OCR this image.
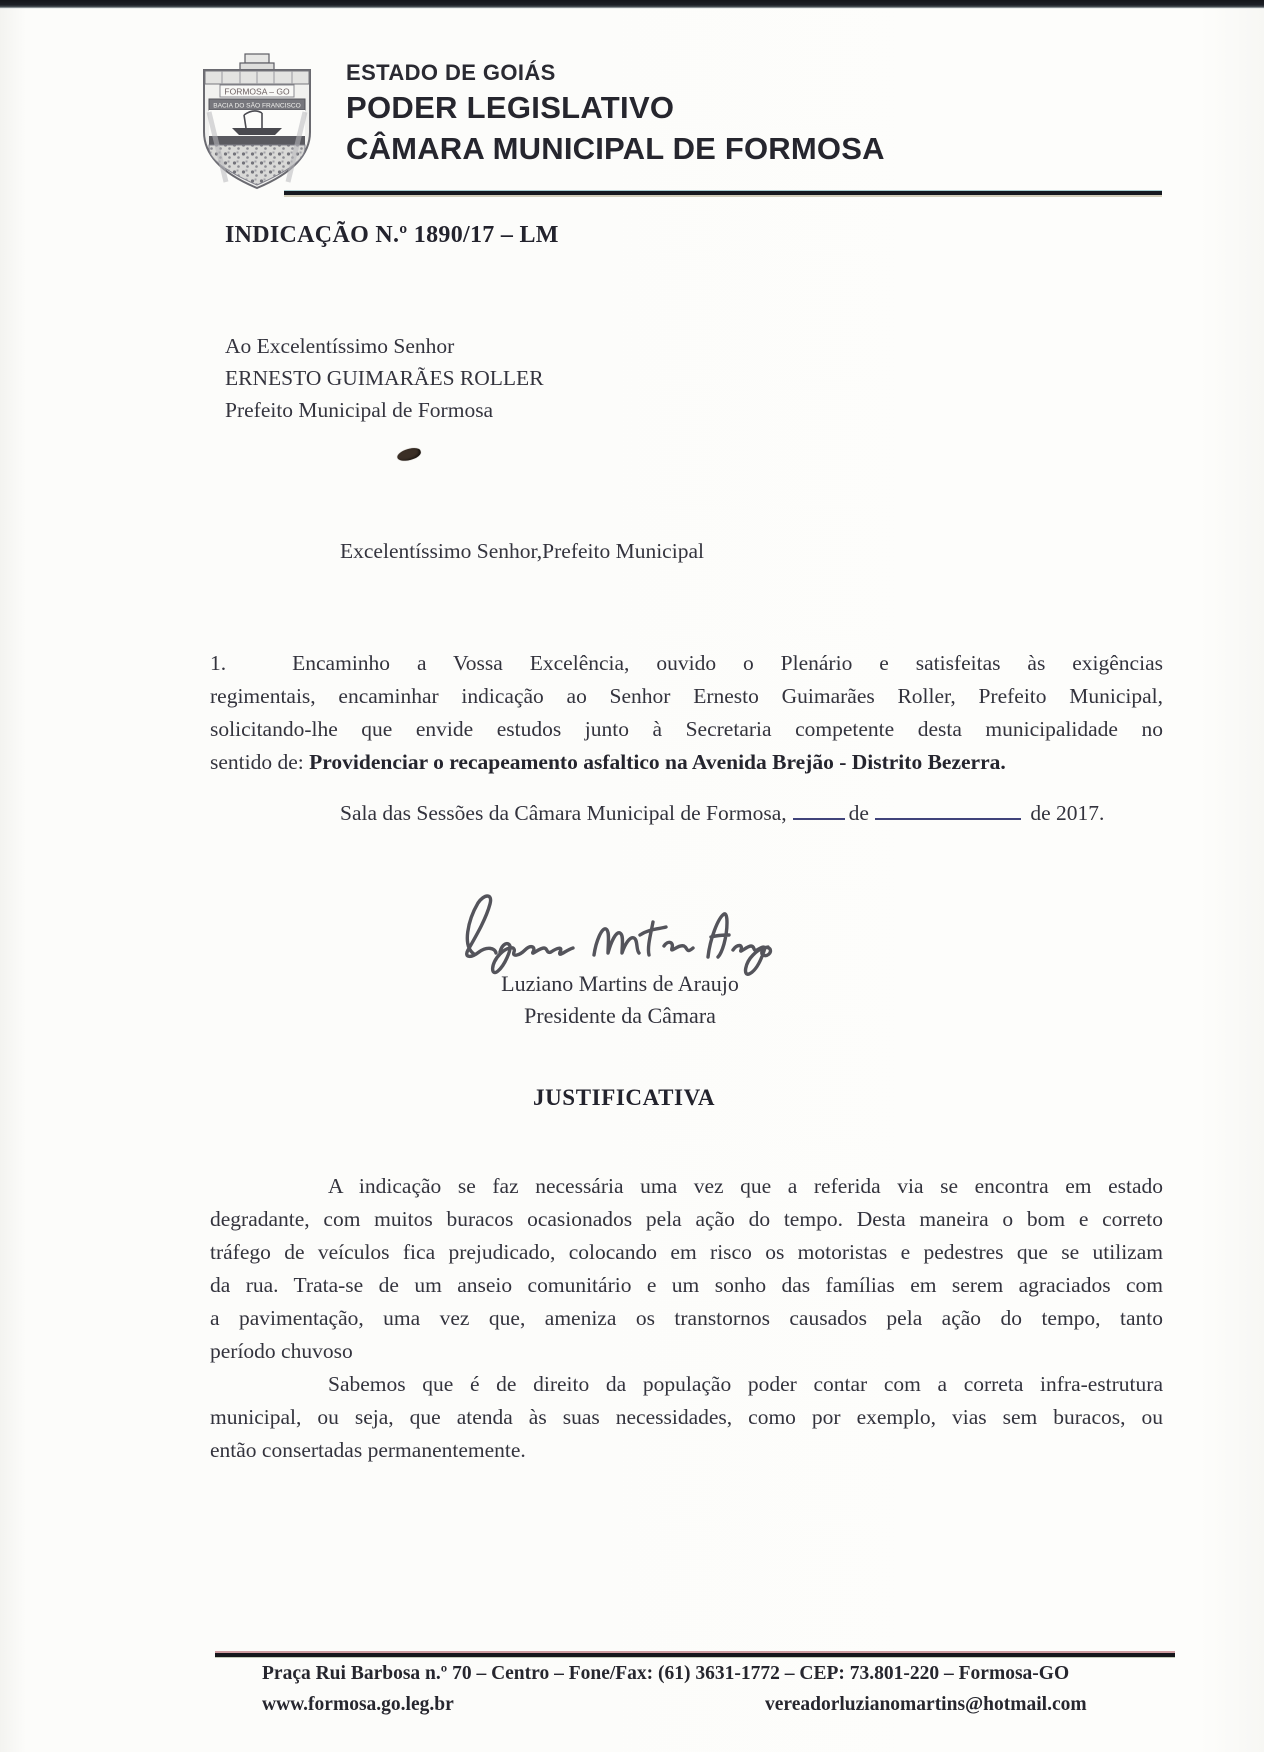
FORMOSA – GO
BACIA DO SÃO FRANCISCO
ESTADO DE GOIÁS
PODER LEGISLATIVO
CÂMARA MUNICIPAL DE FORMOSA
INDICAÇÃO N.º 1890/17 – LM
Ao Excelentíssimo Senhor
ERNESTO GUIMARÃES ROLLER
Prefeito Municipal de Formosa
Excelentíssimo Senhor,Prefeito Municipal
1.	Encaminho a Vossa Excelência, ouvido o Plenário e satisfeitas às exigências
regimentais, encaminhar indicação ao Senhor Ernesto Guimarães Roller, Prefeito Municipal,
solicitando-lhe que envide estudos junto à Secretaria competente desta municipalidade no
sentido de: Providenciar o recapeamento asfaltico na Avenida Brejão - Distrito Bezerra.
Sala das Sessões da Câmara Municipal de Formosa,	de	de 2017.
Luziano Martins de Araujo
Presidente da Câmara
JUSTIFICATIVA
A indicação se faz necessária uma vez que a referida via se encontra em estado
degradante, com muitos buracos ocasionados pela ação do tempo. Desta maneira o bom e correto
tráfego de veículos fica prejudicado, colocando em risco os motoristas e pedestres que se utilizam
da rua. Trata-se de um anseio comunitário e um sonho das famílias em serem agraciados com
a pavimentação, uma vez que, ameniza os transtornos causados pela ação do tempo, tanto
período chuvoso
Sabemos que é de direito da população poder contar com a correta infra-estrutura
municipal, ou seja, que atenda às suas necessidades, como por exemplo, vias sem buracos, ou
então consertadas permanentemente.
Praça Rui Barbosa n.º 70 – Centro – Fone/Fax: (61) 3631-1772 – CEP: 73.801-220 – Formosa-GO
www.formosa.go.leg.br	vereadorluzianomartins@hotmail.com
